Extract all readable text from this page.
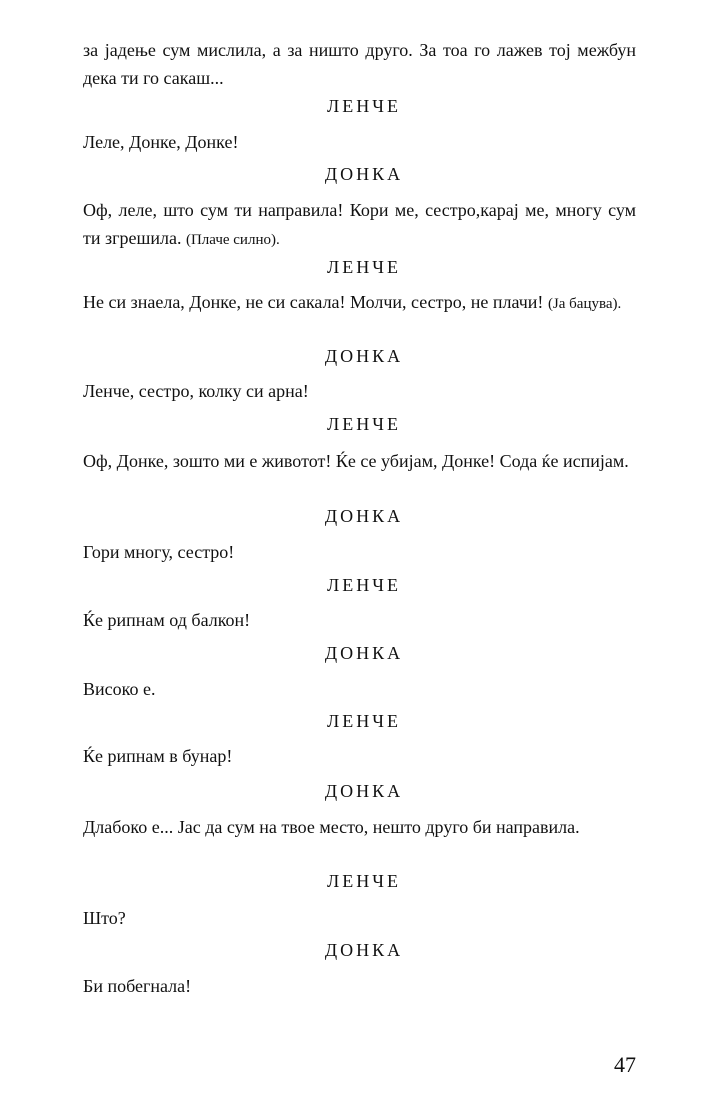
за јадење сум мислила, а за ништо друго. За тоа го лажев тој межбун дека ти го сакаш...

ЛЕНЧЕ

Леле, Донке, Донке!

ДОНКА

Оф, леле, што сум ти направила! Кори ме, сестро,карај ме, многу сум ти згрешила. (Плаче силно).

ЛЕНЧЕ

Не си знаела, Донке, не си сакала! Молчи, сестро, не плачи! (Ја бацува).

ДОНКА

Ленче, сестро, колку си арна!

ЛЕНЧЕ

Оф, Донке, зошто ми е животот! Ќе се убијам, Донке! Сода ќе испијам.

ДОНКА

Гори многу, сестро!

ЛЕНЧЕ

Ќе рипнам од балкон!

ДОНКА

Високо е.

ЛЕНЧЕ

Ќе рипнам в бунар!

ДОНКА

Длабоко е... Јас да сум на твое место, нешто друго би направила.

ЛЕНЧЕ

Што?

ДОНКА

Би побегнала!

47
